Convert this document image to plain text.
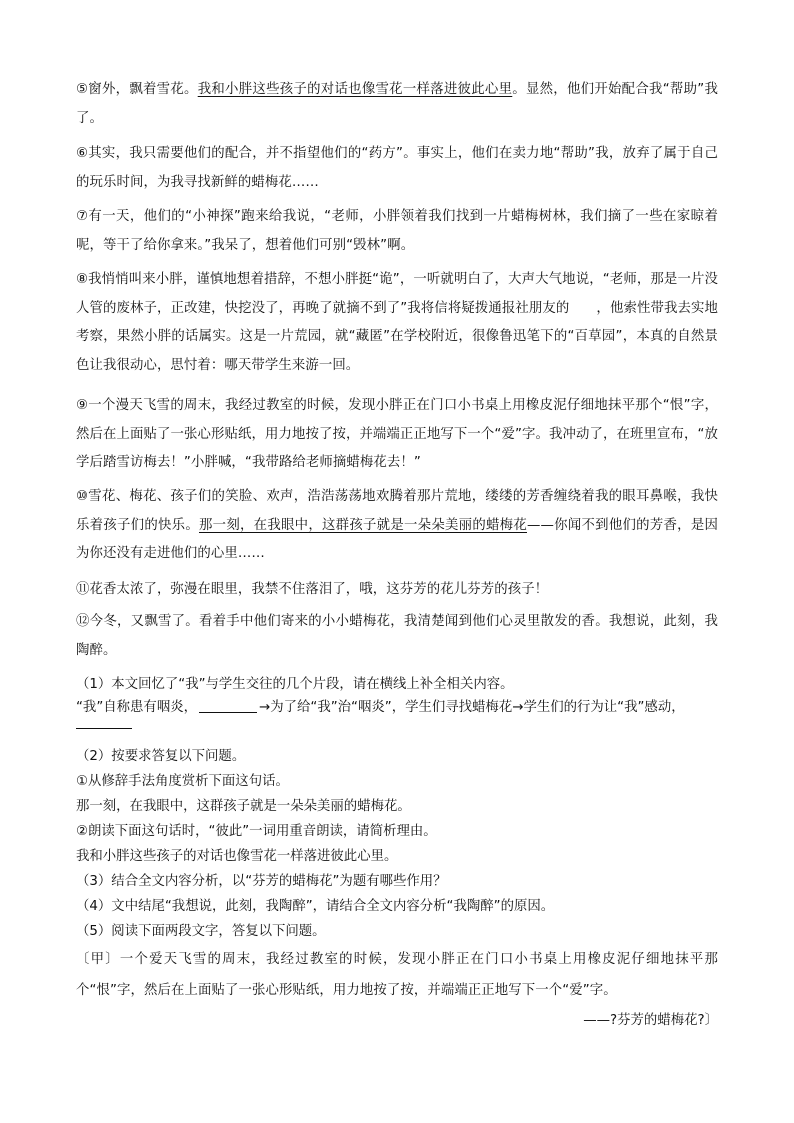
⑤窗外，飘着雪花。我和小胖这些孩子的对话也像雪花一样落进彼此心里。显然，他们开始配合我“帮助”我了。

⑥其实，我只需要他们的配合，并不指望他们的“药方”。事实上，他们在卖力地“帮助”我，放弃了属于自己的玩乐时间，为我寻找新鲜的蜡梅花……

⑦有一天，他们的“小神探”跑来给我说，“老师，小胖领着我们找到一片蜡梅树林，我们摘了一些在家晾着呢，等干了给你拿来。”我呆了，想着他们可别“毁林”啊。

⑧我悄悄叫来小胖，谨慎地想着措辞，不想小胖挺“诡”，一听就明白了，大声大气地说，“老师，那是一片没人管的废林子，正改建，快挖没了，再晚了就摘不到了”我将信将疑拨通报社朋友的　　，他索性带我去实地考察，果然小胖的话属实。这是一片荒园，就“藏匿”在学校附近，很像鲁迅笔下的“百草园”，本真的自然景色让我很动心，思忖着：哪天带学生来游一回。

⑨一个漫天飞雪的周末，我经过教室的时候，发现小胖正在门口小书桌上用橡皮泥仔细地抹平那个“恨”字，然后在上面贴了一张心形贴纸，用力地按了按，并端端正正地写下一个“爱”字。我冲动了，在班里宣布，“放学后踏雪访梅去！”小胖喊，“我带路给老师摘蜡梅花去！”

⑩雪花、梅花、孩子们的笑脸、欢声，浩浩荡荡地欢腾着那片荒地，缕缕的芳香缠绕着我的眼耳鼻喉，我快乐着孩子们的快乐。那一刻，在我眼中，这群孩子就是一朵朵美丽的蜡梅花——你闻不到他们的芳香，是因为你还没有走进他们的心里……

⑪花香太浓了，弥漫在眼里，我禁不住落泪了，哦，这芬芳的花儿芬芳的孩子！

⑫今冬，又飘雪了。看着手中他们寄来的小小蜡梅花，我清楚闻到他们心灵里散发的香。我想说，此刻，我陶醉。

（1）本文回忆了“我”与学生交往的几个片段，请在横线上补全相关内容。

“我”自称患有咽炎，	→为了给“我”治“咽炎”，学生们寻找蜡梅花→学生们的行为让“我”感动，

（2）按要求答复以下问题。

①从修辞手法角度赏析下面这句话。

那一刻，在我眼中，这群孩子就是一朵朵美丽的蜡梅花。

②朗读下面这句话时，“彼此”一词用重音朗读，请简析理由。

我和小胖这些孩子的对话也像雪花一样落进彼此心里。

（3）结合全文内容分析，以“芬芳的蜡梅花”为题有哪些作用？

（4）文中结尾“我想说，此刻，我陶醉”，请结合全文内容分析“我陶醉”的原因。

（5）阅读下面两段文字，答复以下问题。

〔甲〕一个爱天飞雪的周末，我经过教室的时候，发现小胖正在门口小书桌上用橡皮泥仔细地抹平那个“恨”字，然后在上面贴了一张心形贴纸，用力地按了按，并端端正正地写下一个“爱”字。

——?芬芳的蜡梅花?〕
